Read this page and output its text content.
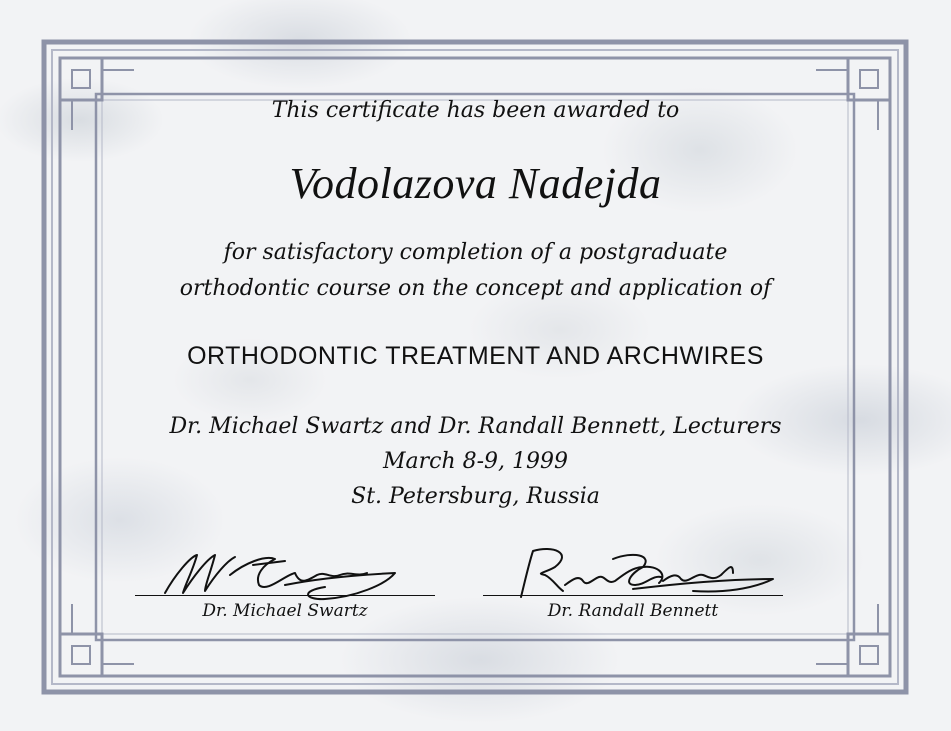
This certificate has been awarded to
Vodolazova Nadejda
for satisfactory completion of a postgraduate
orthodontic course on the concept and application of
ORTHODONTIC TREATMENT AND ARCHWIRES
Dr. Michael Swartz and Dr. Randall Bennett, Lecturers
March 8-9, 1999
St. Petersburg, Russia
Dr. Michael Swartz	Dr. Randall Bennett
